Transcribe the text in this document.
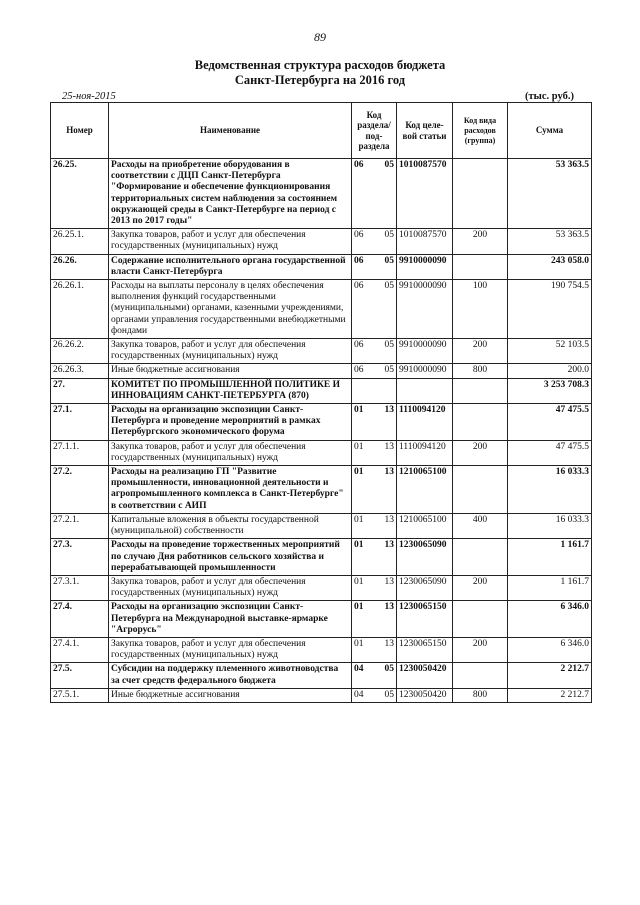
89
Ведомственная структура расходов бюджета
Санкт-Петербурга на 2016 год
25-ноя-2015	(тыс. руб.)
Номер	Наименование	Код раздела/ под- раздела	Код целе- вой статьи	Код вида расходов (группа)	Сумма
26.25.	Расходы на приобретение оборудования в соответствии с ДЦП Санкт-Петербурга "Формирование и обеспечение функционирования территориальных систем наблюдения за состоянием окружающей среды в Санкт-Петербурге на период с 2013 по 2017 годы"	06 05	1010087570		53 363.5
26.25.1.	Закупка товаров, работ и услуг для обеспечения государственных (муниципальных) нужд	06 05	1010087570	200	53 363.5
26.26.	Содержание исполнительного органа государственной власти Санкт-Петербурга	06 05	9910000090		243 058.0
26.26.1.	Расходы на выплаты персоналу в целях обеспечения выполнения функций государственными (муниципальными) органами, казенными учреждениями, органами управления государственными внебюджетными фондами	06 05	9910000090	100	190 754.5
26.26.2.	Закупка товаров, работ и услуг для обеспечения государственных (муниципальных) нужд	06 05	9910000090	200	52 103.5
26.26.3.	Иные бюджетные ассигнования	06 05	9910000090	800	200.0
27.	КОМИТЕТ ПО ПРОМЫШЛЕННОЙ ПОЛИТИКЕ И ИННОВАЦИЯМ САНКТ-ПЕТЕРБУРГА (870)				3 253 708.3
27.1.	Расходы на организацию экспозиции Санкт-Петербурга и проведение мероприятий в рамках Петербургского экономического форума	01 13	1110094120		47 475.5
27.1.1.	Закупка товаров, работ и услуг для обеспечения государственных (муниципальных) нужд	01 13	1110094120	200	47 475.5
27.2.	Расходы на реализацию ГП "Развитие промышленности, инновационной деятельности и агропромышленного комплекса в Санкт-Петербурге" в соответствии с АИП	01 13	1210065100		16 033.3
27.2.1.	Капитальные вложения в объекты государственной (муниципальной) собственности	01 13	1210065100	400	16 033.3
27.3.	Расходы на проведение торжественных мероприятий по случаю Дня работников сельского хозяйства и перерабатывающей промышленности	01 13	1230065090		1 161.7
27.3.1.	Закупка товаров, работ и услуг для обеспечения государственных (муниципальных) нужд	01 13	1230065090	200	1 161.7
27.4.	Расходы на организацию экспозиции Санкт-Петербурга на Международной выставке-ярмарке "Агрорусь"	01 13	1230065150		6 346.0
27.4.1.	Закупка товаров, работ и услуг для обеспечения государственных (муниципальных) нужд	01 13	1230065150	200	6 346.0
27.5.	Субсидии на поддержку племенного животноводства за счет средств федерального бюджета	04 05	1230050420		2 212.7
27.5.1.	Иные бюджетные ассигнования	04 05	1230050420	800	2 212.7
